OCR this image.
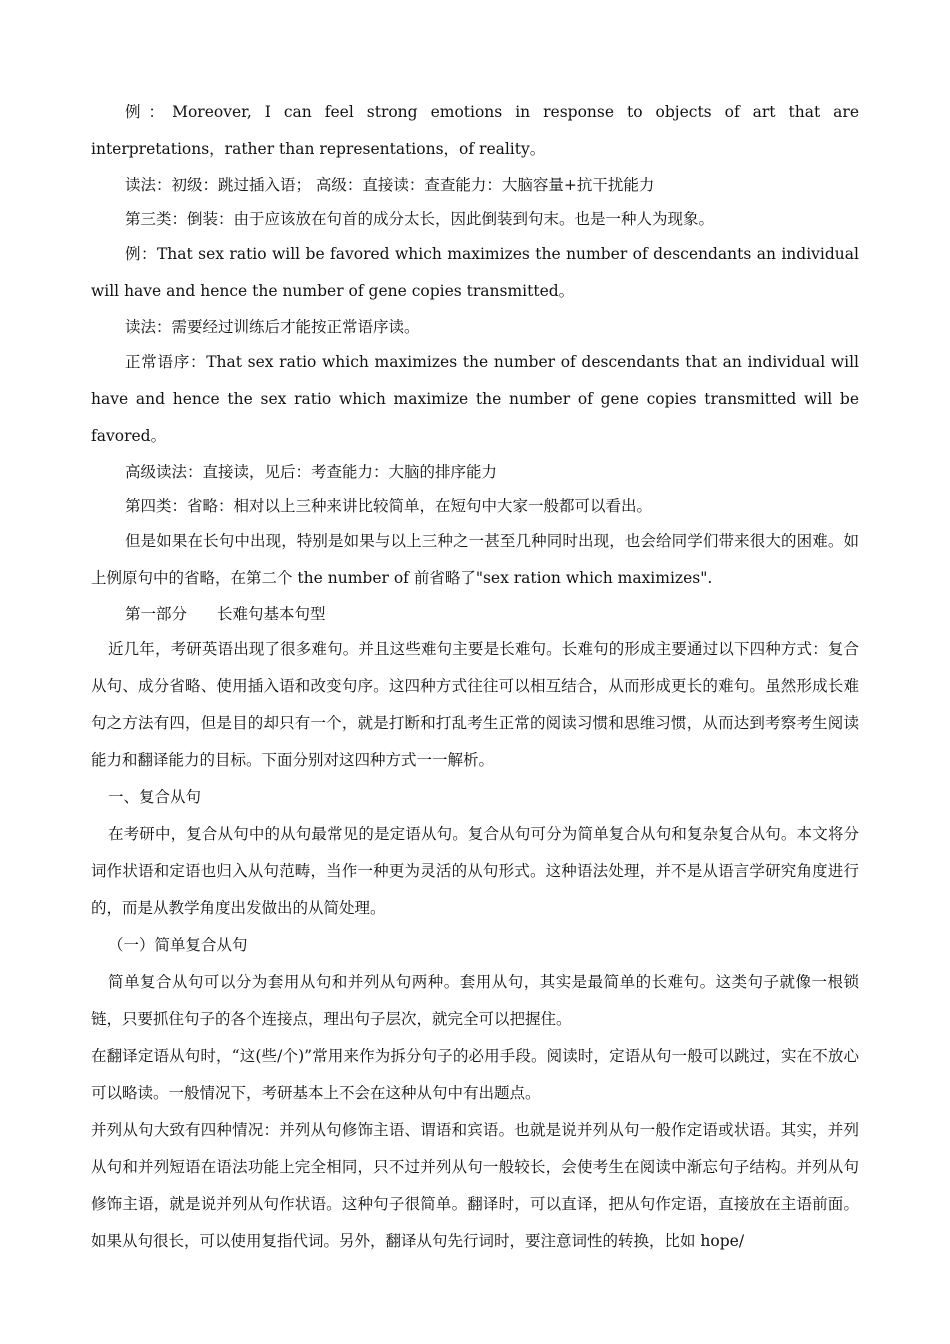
例：Moreover, I can feel strong emotions in response to objects of art that are interpretations，rather than representations，of reality。

读法：初级：跳过插入语； 高级：直接读：查查能力：大脑容量+抗干扰能力

第三类：倒装：由于应该放在句首的成分太长，因此倒装到句末。也是一种人为现象。

例：That sex ratio will be favored which maximizes the number of descendants an individual will have and hence the number of gene copies transmitted。

读法：需要经过训练后才能按正常语序读。

正常语序：That sex ratio which maximizes the number of descendants that an individual will have and hence the sex ratio which maximize the number of gene copies transmitted will be favored。

高级读法：直接读，见后：考查能力：大脑的排序能力

第四类：省略：相对以上三种来讲比较简单，在短句中大家一般都可以看出。

但是如果在长句中出现，特别是如果与以上三种之一甚至几种同时出现，也会给同学们带来很大的困难。如上例原句中的省略，在第二个 the number of 前省略了"sex ration which maximizes".

第一部分 长难句基本句型

近几年，考研英语出现了很多难句。并且这些难句主要是长难句。长难句的形成主要通过以下四种方式：复合从句、成分省略、使用插入语和改变句序。这四种方式往往可以相互结合，从而形成更长的难句。虽然形成长难句之方法有四，但是目的却只有一个，就是打断和打乱考生正常的阅读习惯和思维习惯，从而达到考察考生阅读能力和翻译能力的目标。下面分别对这四种方式一一解析。

一、复合从句

在考研中，复合从句中的从句最常见的是定语从句。复合从句可分为简单复合从句和复杂复合从句。本文将分词作状语和定语也归入从句范畴，当作一种更为灵活的从句形式。这种语法处理，并不是从语言学研究角度进行的，而是从教学角度出发做出的从简处理。

（一）简单复合从句

简单复合从句可以分为套用从句和并列从句两种。套用从句，其实是最简单的长难句。这类句子就像一根锁链，只要抓住句子的各个连接点，理出句子层次，就完全可以把握住。

在翻译定语从句时，“这(些/个)”常用来作为拆分句子的必用手段。阅读时，定语从句一般可以跳过，实在不放心可以略读。一般情况下，考研基本上不会在这种从句中有出题点。

并列从句大致有四种情况：并列从句修饰主语、谓语和宾语。也就是说并列从句一般作定语或状语。其实，并列从句和并列短语在语法功能上完全相同，只不过并列从句一般较长，会使考生在阅读中渐忘句子结构。并列从句修饰主语，就是说并列从句作状语。这种句子很简单。翻译时，可以直译，把从句作定语，直接放在主语前面。如果从句很长，可以使用复指代词。另外，翻译从句先行词时，要注意词性的转换，比如 hope/
